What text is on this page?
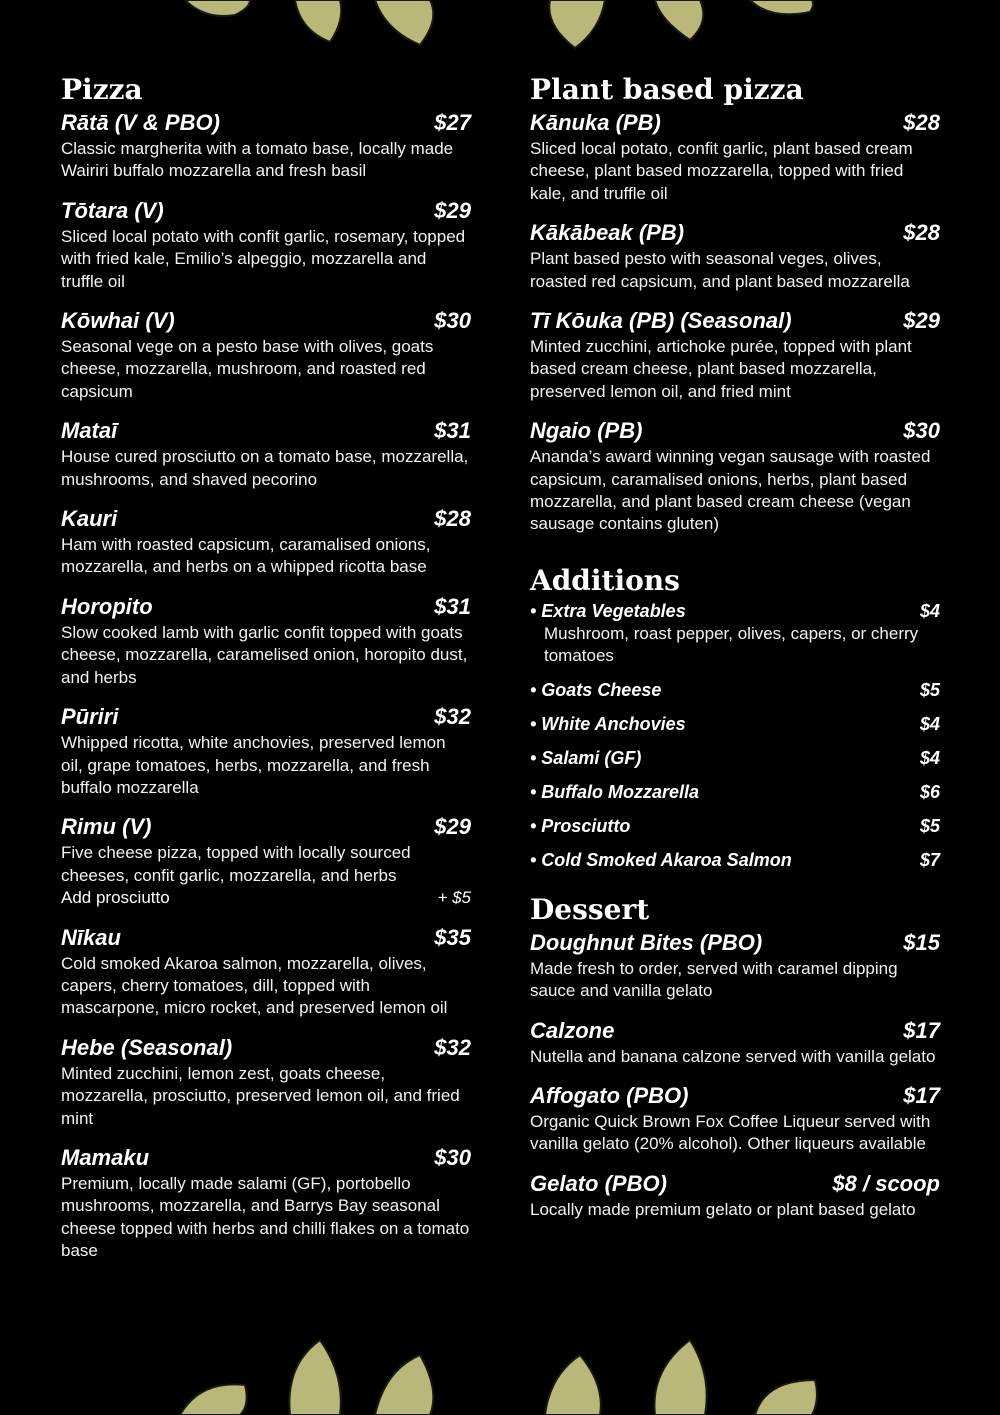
Pizza
Rātā (V & PBO)	$27
Classic margherita with a tomato base, locally made Wairiri buffalo mozzarella and fresh basil
Tōtara (V)	$29
Sliced local potato with confit garlic, rosemary, topped with fried kale, Emilio’s alpeggio, mozzarella and truffle oil
Kōwhai (V)	$30
Seasonal vege on a pesto base with olives, goats cheese, mozzarella, mushroom, and roasted red capsicum
Mataī	$31
House cured prosciutto on a tomato base, mozzarella, mushrooms, and shaved pecorino
Kauri	$28
Ham with roasted capsicum, caramalised onions, mozzarella, and herbs on a whipped ricotta base
Horopito	$31
Slow cooked lamb with garlic confit topped with goats cheese, mozzarella, caramelised onion, horopito dust, and herbs
Pūriri	$32
Whipped ricotta, white anchovies, preserved lemon oil, grape tomatoes, herbs, mozzarella, and fresh buffalo mozzarella
Rimu (V)	$29
Five cheese pizza, topped with locally sourced cheeses, confit garlic, mozzarella, and herbs
Add prosciutto	+ $5
Nīkau	$35
Cold smoked Akaroa salmon, mozzarella, olives, capers, cherry tomatoes, dill, topped with mascarpone, micro rocket, and preserved lemon oil
Hebe (Seasonal)	$32
Minted zucchini, lemon zest, goats cheese, mozzarella, prosciutto, preserved lemon oil, and fried mint
Mamaku	$30
Premium, locally made salami (GF), portobello mushrooms, mozzarella, and Barrys Bay seasonal cheese topped with herbs and chilli flakes on a tomato base
Plant based pizza
Kānuka (PB)	$28
Sliced local potato, confit garlic, plant based cream cheese, plant based mozzarella, topped with fried kale, and truffle oil
Kākābeak (PB)	$28
Plant based pesto with seasonal veges, olives, roasted red capsicum, and plant based mozzarella
Tī Kōuka (PB) (Seasonal)	$29
Minted zucchini, artichoke purée, topped with plant based cream cheese, plant based mozzarella, preserved lemon oil, and fried mint
Ngaio (PB)	$30
Ananda’s award winning vegan sausage with roasted capsicum, caramalised onions, herbs, plant based mozzarella, and plant based cream cheese (vegan sausage contains gluten)
Additions
• Extra Vegetables	$4
Mushroom, roast pepper, olives, capers, or cherry tomatoes
• Goats Cheese	$5
• White Anchovies	$4
• Salami (GF)	$4
• Buffalo Mozzarella	$6
• Prosciutto	$5
• Cold Smoked Akaroa Salmon	$7
Dessert
Doughnut Bites (PBO)	$15
Made fresh to order, served with caramel dipping sauce and vanilla gelato
Calzone	$17
Nutella and banana calzone served with vanilla gelato
Affogato (PBO)	$17
Organic Quick Brown Fox Coffee Liqueur served with vanilla gelato (20% alcohol). Other liqueurs available
Gelato (PBO)	$8 / scoop
Locally made premium gelato or plant based gelato
